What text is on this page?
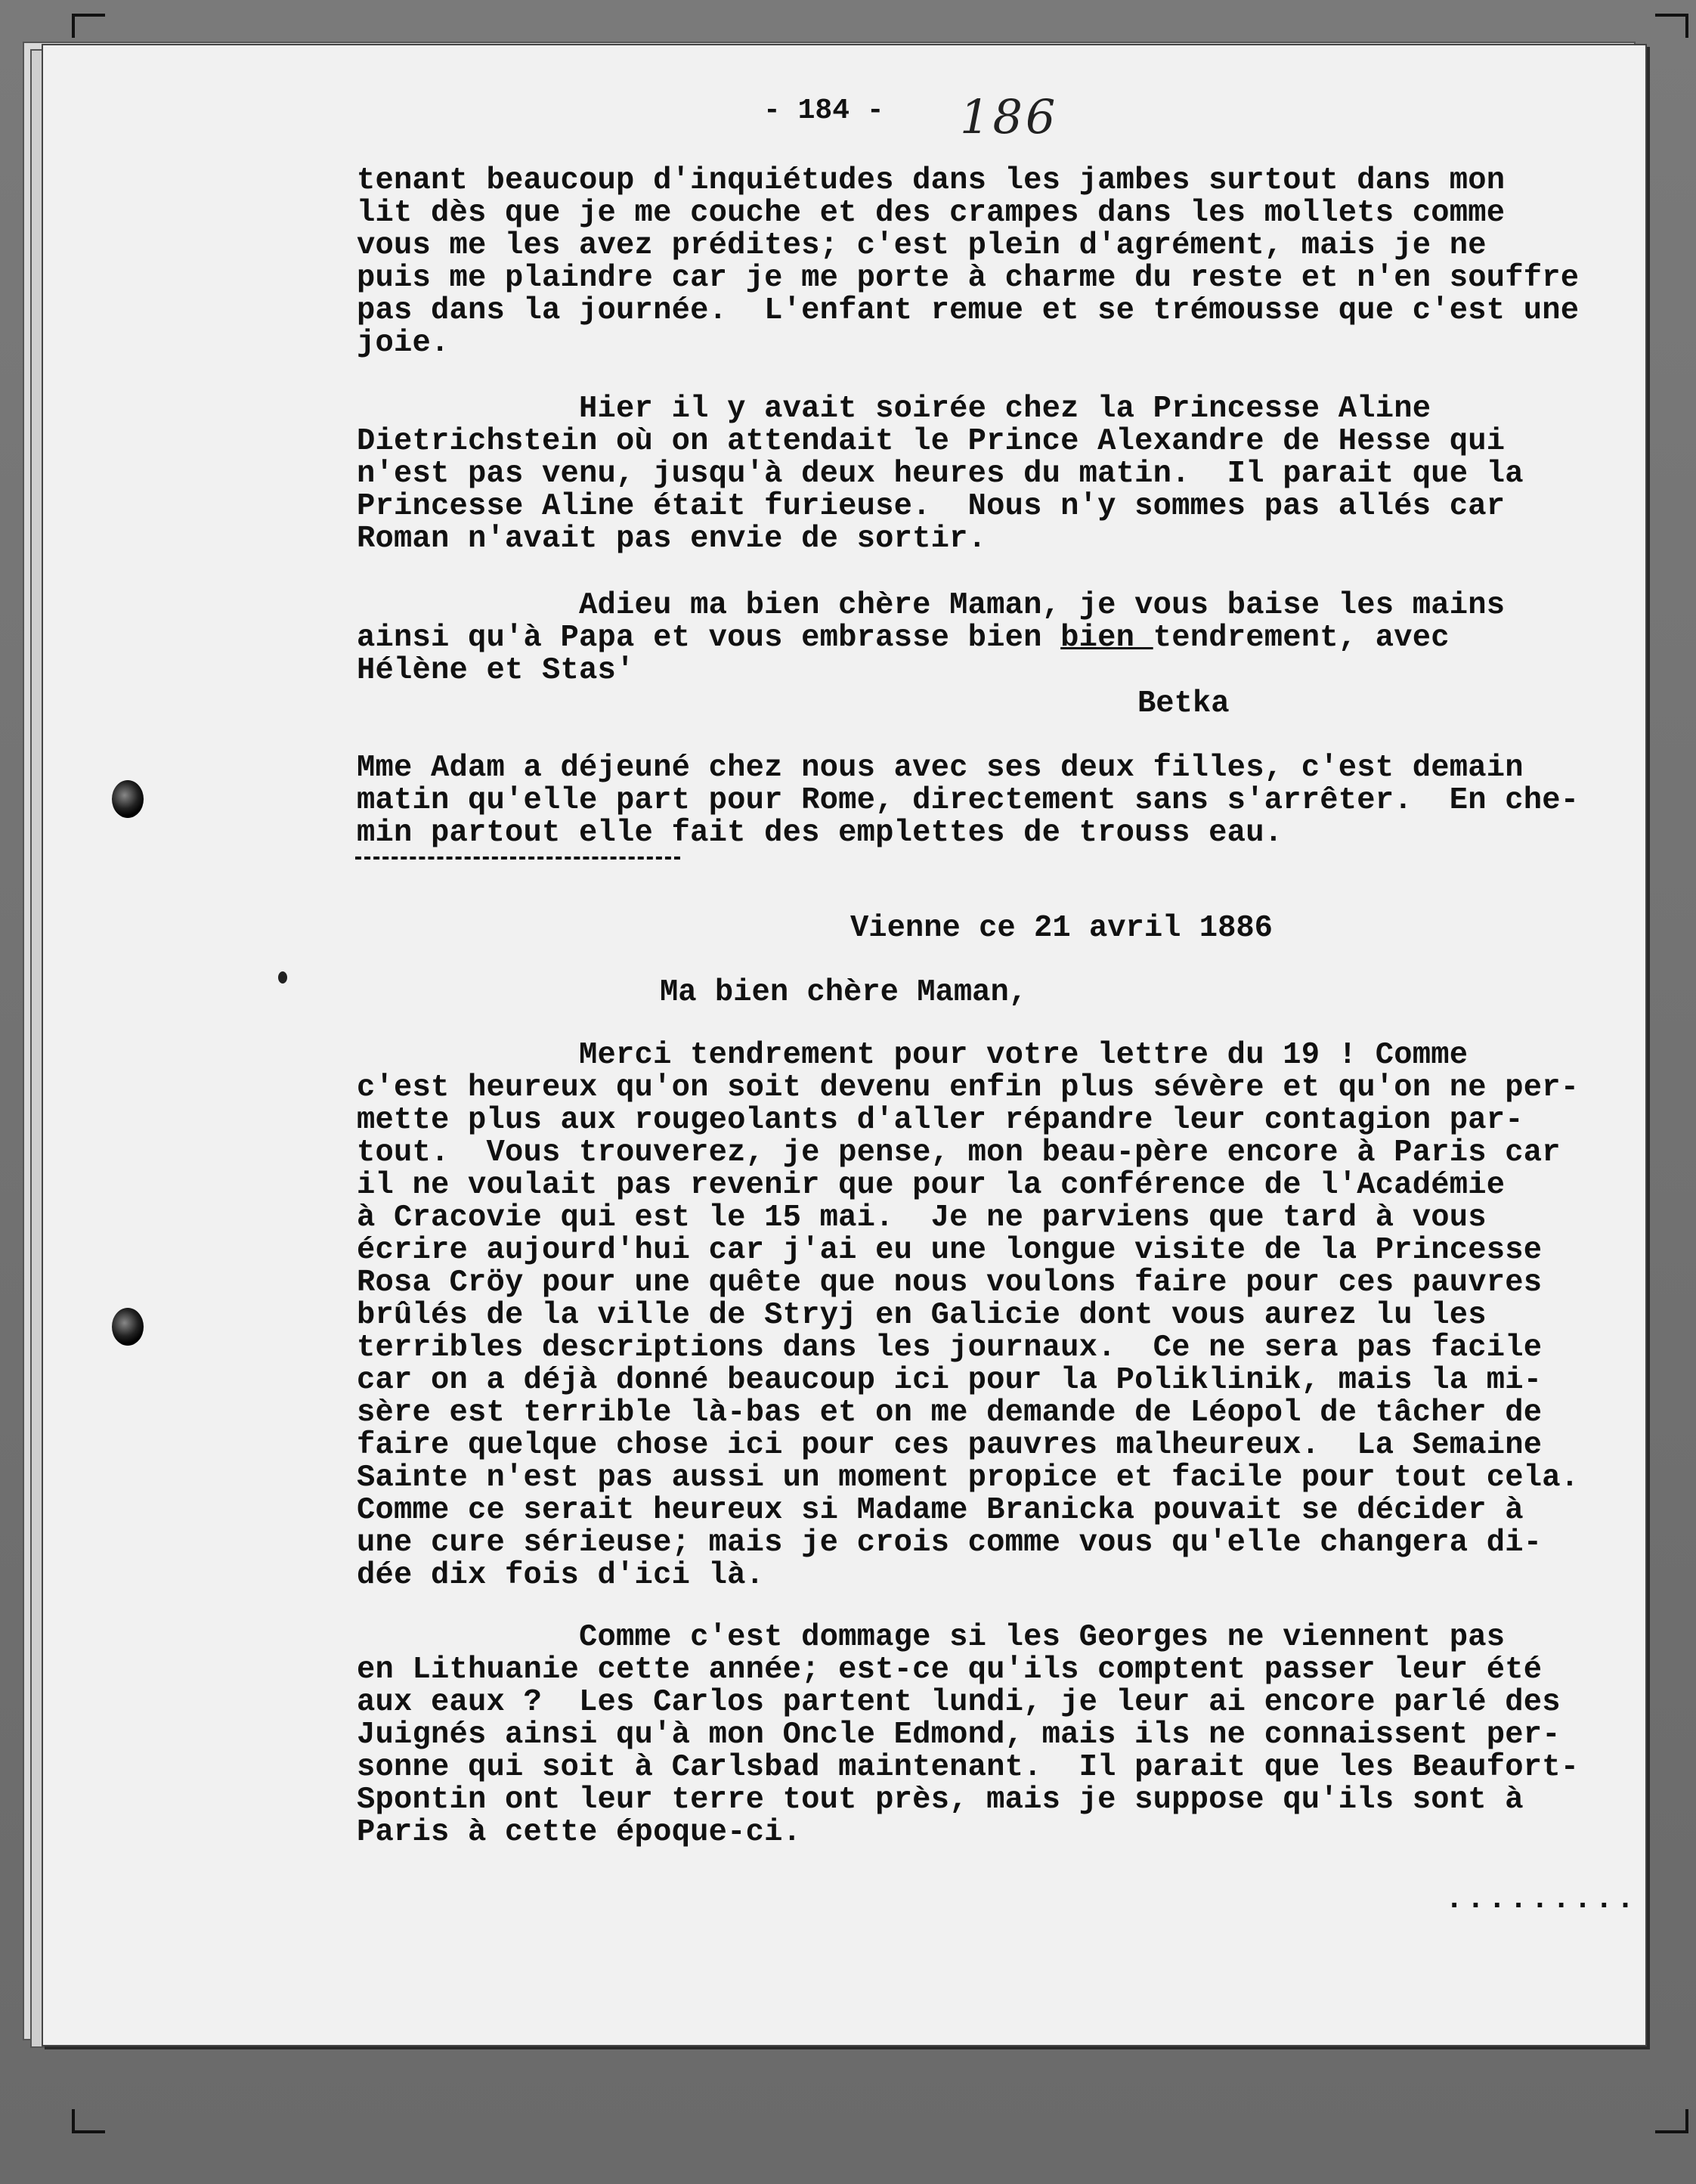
- 184 - 186
tenant beaucoup d'inquiétudes dans les jambes surtout dans mon
lit dès que je me couche et des crampes dans les mollets comme
vous me les avez prédites; c'est plein d'agrément, mais je ne
puis me plaindre car je me porte à charme du reste et n'en souffre
pas dans la journée.  L'enfant remue et se trémousse que c'est une
joie.
Hier il y avait soirée chez la Princesse Aline
Dietrichstein où on attendait le Prince Alexandre de Hesse qui
n'est pas venu, jusqu'à deux heures du matin.  Il parait que la
Princesse Aline était furieuse.  Nous n'y sommes pas allés car
Roman n'avait pas envie de sortir.
Adieu ma bien chère Maman, je vous baise les mains
ainsi qu'à Papa et vous embrasse bien bien tendrement, avec
Hélène et Stas'
Betka
Mme Adam a déjeuné chez nous avec ses deux filles, c'est demain
matin qu'elle part pour Rome, directement sans s'arrêter.  En che-
min partout elle fait des emplettes de trouss eau.
Vienne ce 21 avril 1886
Ma bien chère Maman,
Merci tendrement pour votre lettre du 19 ! Comme
c'est heureux qu'on soit devenu enfin plus sévère et qu'on ne per-
mette plus aux rougeolants d'aller répandre leur contagion par-
tout.  Vous trouverez, je pense, mon beau-père encore à Paris car
il ne voulait pas revenir que pour la conférence de l'Académie
à Cracovie qui est le 15 mai.  Je ne parviens que tard à vous
écrire aujourd'hui car j'ai eu une longue visite de la Princesse
Rosa Cröy pour une quête que nous voulons faire pour ces pauvres
brûlés de la ville de Stryj en Galicie dont vous aurez lu les
terribles descriptions dans les journaux.  Ce ne sera pas facile
car on a déjà donné beaucoup ici pour la Poliklinik, mais la mi-
sère est terrible là-bas et on me demande de Léopol de tâcher de
faire quelque chose ici pour ces pauvres malheureux.  La Semaine
Sainte n'est pas aussi un moment propice et facile pour tout cela.
Comme ce serait heureux si Madame Branicka pouvait se décider à
une cure sérieuse; mais je crois comme vous qu'elle changera di-
dée dix fois d'ici là.
Comme c'est dommage si les Georges ne viennent pas
en Lithuanie cette année; est-ce qu'ils comptent passer leur été
aux eaux ?  Les Carlos partent lundi, je leur ai encore parlé des
Juignés ainsi qu'à mon Oncle Edmond, mais ils ne connaissent per-
sonne qui soit à Carlsbad maintenant.  Il parait que les Beaufort-
Spontin ont leur terre tout près, mais je suppose qu'ils sont à
Paris à cette époque-ci.
.........
